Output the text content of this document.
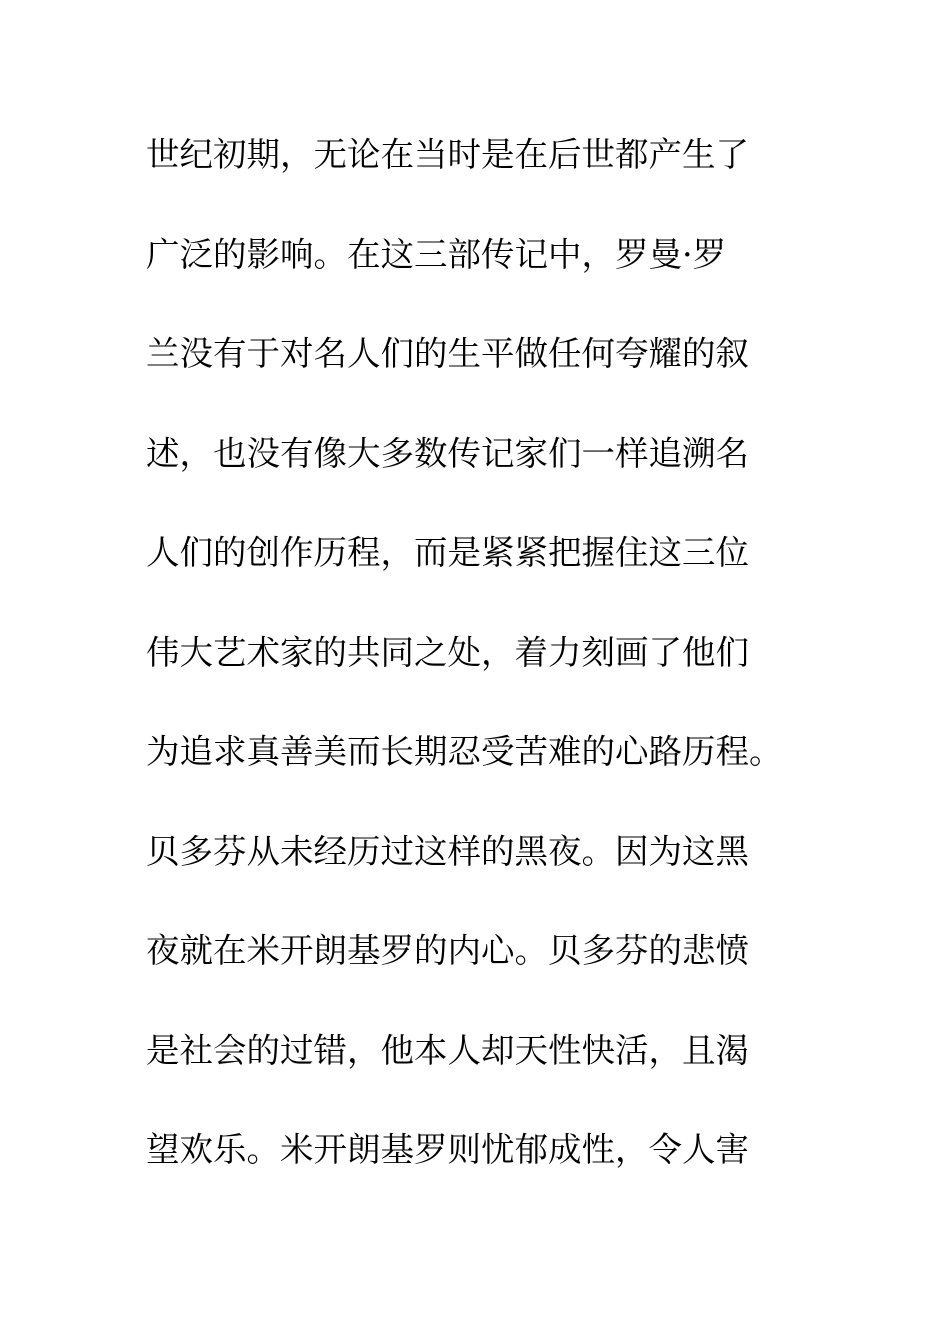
世纪初期，无论在当时是在后世都产生了
广泛的影响。在这三部传记中，罗曼·罗
兰没有于对名人们的生平做任何夸耀的叙
述，也没有像大多数传记家们一样追溯名
人们的创作历程，而是紧紧把握住这三位
伟大艺术家的共同之处，着力刻画了他们
为追求真善美而长期忍受苦难的心路历程。
贝多芬从未经历过这样的黑夜。因为这黑
夜就在米开朗基罗的内心。贝多芬的悲愤
是社会的过错，他本人却天性快活，且渴
望欢乐。米开朗基罗则忧郁成性，令人害
